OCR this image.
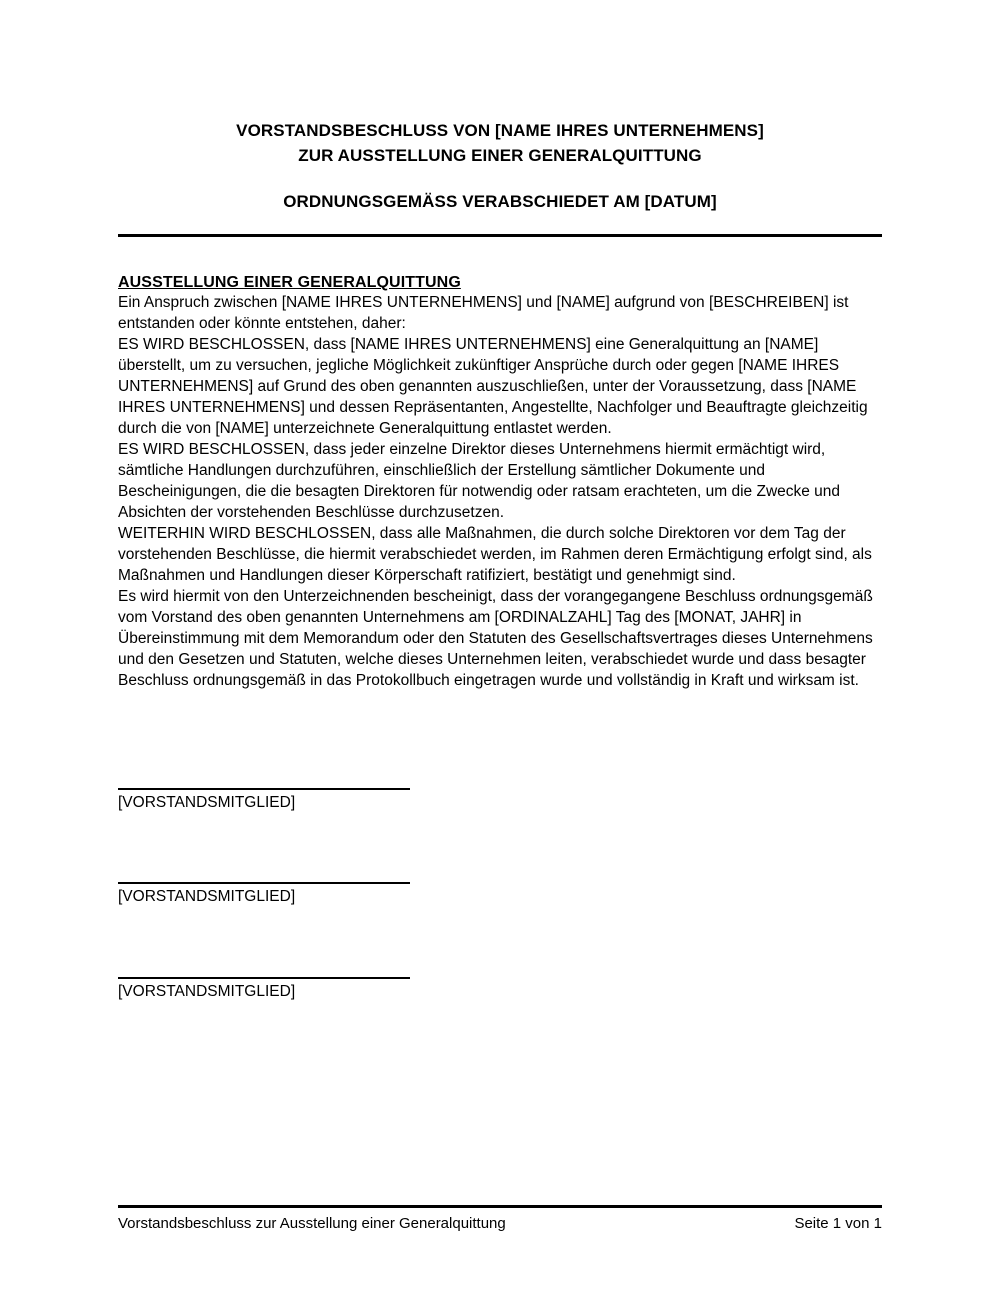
VORSTANDSBESCHLUSS VON [NAME IHRES UNTERNEHMENS]
ZUR AUSSTELLUNG EINER GENERALQUITTUNG
ORDNUNGSGEMÄSS VERABSCHIEDET AM [DATUM]
AUSSTELLUNG EINER GENERALQUITTUNG

Ein Anspruch zwischen [NAME IHRES UNTERNEHMENS] und [NAME] aufgrund von [BESCHREIBEN] ist entstanden oder könnte entstehen, daher:

ES WIRD BESCHLOSSEN, dass [NAME IHRES UNTERNEHMENS] eine Generalquittung an [NAME] überstellt, um zu versuchen, jegliche Möglichkeit zukünftiger Ansprüche durch oder gegen [NAME IHRES UNTERNEHMENS] auf Grund des oben genannten auszuschließen, unter der Voraussetzung, dass [NAME IHRES UNTERNEHMENS] und dessen Repräsentanten, Angestellte, Nachfolger und Beauftragte gleichzeitig durch die von [NAME] unterzeichnete Generalquittung entlastet werden.

ES WIRD BESCHLOSSEN, dass jeder einzelne Direktor dieses Unternehmens hiermit ermächtigt wird, sämtliche Handlungen durchzuführen, einschließlich der Erstellung sämtlicher Dokumente und Bescheinigungen, die die besagten Direktoren für notwendig oder ratsam erachteten, um die Zwecke und Absichten der vorstehenden Beschlüsse durchzusetzen.

WEITERHIN WIRD BESCHLOSSEN, dass alle Maßnahmen, die durch solche Direktoren vor dem Tag der vorstehenden Beschlüsse, die hiermit verabschiedet werden, im Rahmen deren Ermächtigung erfolgt sind, als Maßnahmen und Handlungen dieser Körperschaft ratifiziert, bestätigt und genehmigt sind.

Es wird hiermit von den Unterzeichnenden bescheinigt, dass der vorangegangene Beschluss ordnungsgemäß vom Vorstand des oben genannten Unternehmens am [ORDINALZAHL] Tag des [MONAT, JAHR] in Übereinstimmung mit dem Memorandum oder den Statuten des Gesellschaftsvertrages dieses Unternehmens und den Gesetzen und Statuten, welche dieses Unternehmen leiten, verabschiedet wurde und dass besagter Beschluss ordnungsgemäß in das Protokollbuch eingetragen wurde und vollständig in Kraft und wirksam ist.

[VORSTANDSMITGLIED]
[VORSTANDSMITGLIED]
[VORSTANDSMITGLIED]
Vorstandsbeschluss zur Ausstellung einer Generalquittung	Seite 1 von 1
